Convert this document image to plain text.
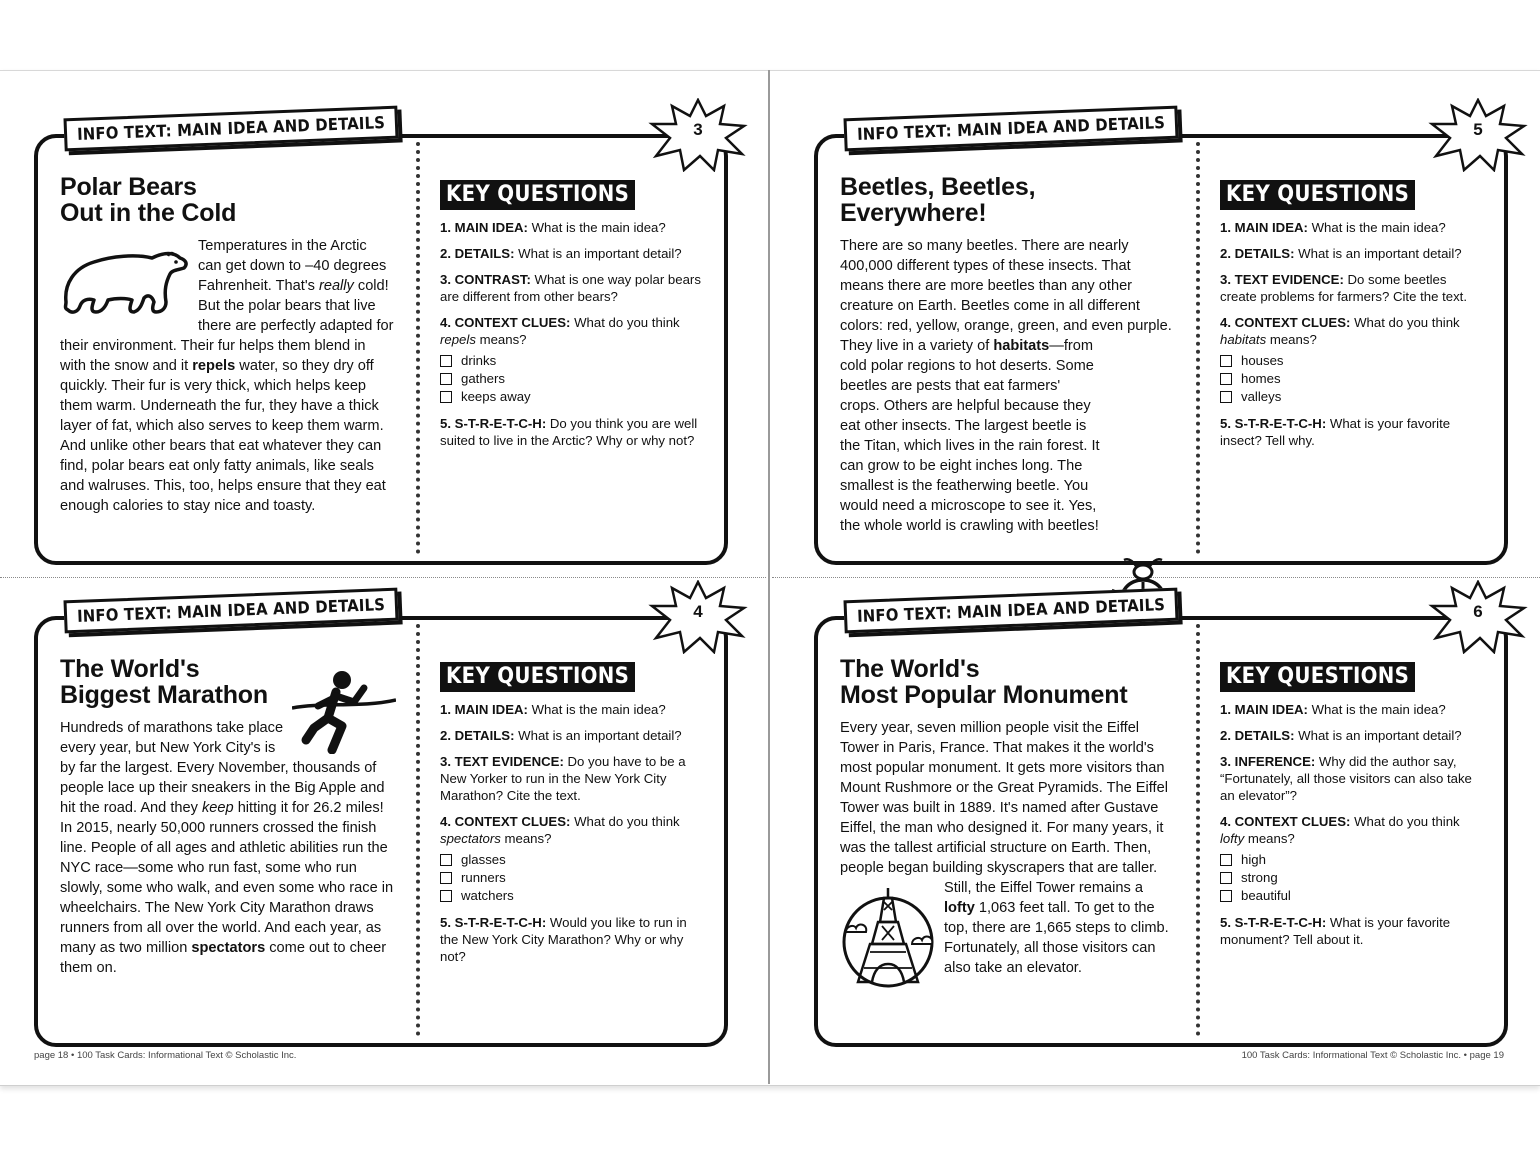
INFO TEXT: MAIN IDEA AND DETAILS	3
Polar Bears
Out in the Cold

Temperatures in the Arctic can get down to –40 degrees Fahrenheit. That's really cold! But the polar bears that live there are perfectly adapted for their environment. Their fur helps them blend in with the snow and it repels water, so they dry off quickly. Their fur is very thick, which helps keep them warm. Underneath the fur, they have a thick layer of fat, which also serves to keep them warm. And unlike other bears that eat whatever they can find, polar bears eat only fatty animals, like seals and walruses. This, too, helps ensure that they eat enough calories to stay nice and toasty.

KEY QUESTIONS
1. MAIN IDEA: What is the main idea?
2. DETAILS: What is an important detail?
3. CONTRAST: What is one way polar bears are different from other bears?
4. CONTEXT CLUES: What do you think
repels means?
drinks
gathers
keeps away
5. S-T-R-E-T-C-H: Do you think you are well suited to live in the Arctic? Why or why not?
INFO TEXT: MAIN IDEA AND DETAILS	5
Beetles, Beetles,
Everywhere!

There are so many beetles. There are nearly 400,000 different types of these insects. That means there are more beetles than any other creature on Earth. Beetles come in all different colors: red, yellow, orange, green, and even purple. They live in a variety of habitats
—from cold polar regions to hot deserts. Some beetles are pests that eat farmers' crops. Others are helpful because they eat other insects. The largest beetle is the Titan, which lives in the rain forest. It can grow to be eight inches long. The smallest is the featherwing beetle. You would need a microscope to see it. Yes, the whole world is crawling with beetles!

KEY QUESTIONS
1. MAIN IDEA: What is the main idea?
2. DETAILS: What is an important detail?
3. TEXT EVIDENCE: Do some beetles create problems for farmers? Cite the text.
4. CONTEXT CLUES: What do you think
habitats means?
houses
homes
valleys
5. S-T-R-E-T-C-H: What is your favorite insect? Tell why.
INFO TEXT: MAIN IDEA AND DETAILS	4
The World's
Biggest Marathon

Hundreds of marathons take place every year, but New York City's is by far the largest. Every November, thousands of people lace up their sneakers in the Big Apple and hit the road. And they keep hitting it for 26.2 miles! In 2015, nearly 50,000 runners crossed the finish line. People of all ages and athletic abilities run the NYC race—some who run fast, some who run slowly, some who walk, and even some who race in wheelchairs. The New York City Marathon draws runners from all over the world. And each year, as many as two million spectators come out to cheer them on.

KEY QUESTIONS
1. MAIN IDEA: What is the main idea?
2. DETAILS: What is an important detail?
3. TEXT EVIDENCE: Do you have to be a New Yorker to run in the New York City Marathon? Cite the text.
4. CONTEXT CLUES: What do you think
spectators means?
glasses
runners
watchers
5. S-T-R-E-T-C-H: Would you like to run in the New York City Marathon? Why or why not?
INFO TEXT: MAIN IDEA AND DETAILS	6
The World's
Most Popular Monument

Every year, seven million people visit the Eiffel Tower in Paris, France. That makes it the world's most popular monument. It gets more visitors than Mount Rushmore or the Great Pyramids. The Eiffel Tower was built in 1889. It's named after Gustave Eiffel, the man who designed it. For many years, it was the tallest artificial structure on Earth. Then, people began building skyscrapers that are taller. Still, the Eiffel Tower remains a
lofty 1,063 feet tall. To get to the top, there are 1,665 steps to climb. Fortunately, all those visitors can also take an elevator.

KEY QUESTIONS
1. MAIN IDEA: What is the main idea?
2. DETAILS: What is an important detail?
3. INFERENCE: Why did the author say, “Fortunately, all those visitors can also take an elevator”?
4. CONTEXT CLUES: What do you think
lofty means?
high
strong
beautiful
5. S-T-R-E-T-C-H: What is your favorite monument? Tell about it.
page 18 • 100 Task Cards: Informational Text © Scholastic Inc.	100 Task Cards: Informational Text © Scholastic Inc. • page 19
